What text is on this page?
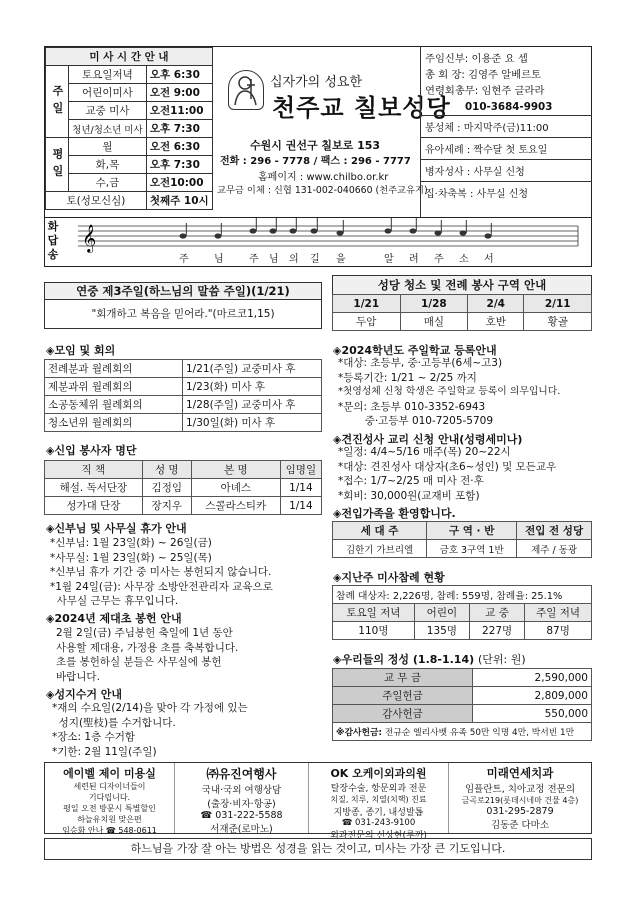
미 사 시 간 안 내		
주일	토요일저녁	오후 6:30
	어린이미사	오전 9:00
	교중 미사	오전11:00
	청년/청소년 미사	오후 7:30
평일	월	오전 6:30
	화,목	오후 7:30
	수,금	오전10:00
토(성모신심)		첫째주 10시
십자가의 성요한
천주교 칠보성당
수원시 권선구 칠보로 153
전화 : 296 - 7778 / 팩스 : 296 - 7777
홈페이지 : www.chilbo.or.kr
교무금 이체 : 신협 131-002-040660 (천주교유지)
주임신부: 이용준 요 셉
총 회 장: 김영주 알베르토
연령회총무: 임현주 글라라
010-3684-9903
봉성체 : 마지막주(금)11:00
유아세례 : 짝수달 첫 토요일
병자성사 : 사무실 신청
집·차축복 : 사무실 신청
화답송
𝄞
주	님	주 님 의 길 을	알 려 주 소 서
연중 제3주일(하느님의 말씀 주일)(1/21)
"회개하고 복음을 믿어라."(마르코1,15)
◈모임 및 회의
전례분과 월례회의	1/21(주일) 교중미사 후
제분과위 월례회의	1/23(화) 미사 후
소공동체위 월례회의	1/28(주일) 교중미사 후
청소년위 월례회의	1/30일(화) 미사 후
◈신입 봉사자 명단
직 책	성 명	본 명	임명일
해설. 독서단장	김정임	아녜스	1/14
성가대 단장	장지우	스콜라스티카	1/14
◈신부님 및 사무실 휴가 안내
*신부님: 1월 23일(화) ~ 26일(금)
*사무실: 1월 23일(화) ~ 25일(목)
*신부님 휴가 기간 중 미사는 봉헌되지 않습니다.
*1월 24일(금): 사무장 소방안전관리자 교육으로
사무실 근무는 휴무입니다.
◈2024년 제대초 봉헌 안내
2월 2일(금) 주님봉헌 축일에 1년 동안
사용할 제대용, 가정용 초를 축복합니다.
초를 봉헌하실 분들은 사무실에 봉헌
바랍니다.
◈성지수거 안내
*재의 수요일(2/14)을 맞아 각 가정에 있는
성지(聖枝)를 수거합니다.
*장소: 1층 수거함
*기한: 2월 11일(주일)
성당 청소 및 전례 봉사 구역 안내
1/21	1/28	2/4	2/11
두암	매실	호반	황골
◈2024학년도 주일학교 등록안내
*대상: 초등부, 중·고등부(6세~고3)
*등록기간: 1/21 ~ 2/25 까지
*첫영성체 신청 학생은 주일학교 등록이 의무입니다.
*문의: 초등부 010-3352-6943
중·고등부 010-7205-5709
◈견진성사 교리 신청 안내(성령세미나)
*일정: 4/4~5/16 매주(목) 20~22시
*대상: 견진성사 대상자(초6~성인) 및 모든교우
*접수: 1/7~2/25 매 미사 전·후
*회비: 30,000원(교재비 포함)
◈전입가족을 환영합니다.
세 대 주	구 역 · 반	전입 전 성당
김한기 가브리엘	금호 3구역 1반	제주 / 동광
◈지난주 미사참례 현황
참례 대상자: 2,226명, 참례: 559명, 참례율: 25.1%			
토요일 저녁	어린이	교 중	주일 저녁
110명	135명	227명	87명
◈우리들의 정성 (1.8-1.14) (단위: 원)
교 무 금	2,590,000
주일헌금	2,809,000
감사헌금	550,000
※감사헌금: 전규순 엘리사벳 유족 50만 익명 4만, 박서빈 1만	
에이벨 제이 미용실
세련된 디자이너들이
기다립니다.
평일 오전 방문시 특별할인
하늘유치원 맞은편
임승화 안나 ☎ 548-0611
㈜유진여행사
국내·국외 여행상담
(출장·비자·항공)
☎ 031-222-5588
서재준(로마노)
OK 오케이외과의원
탈장수술, 항문외과 전문
치질, 치루, 치열(치핵) 진료
지방종, 종기, 내성발톱
☎ 031-243-9100
외과전문의 신상현(루까)
미래연세치과
임플란트, 치아교정 전문의
금곡로219(롯데시네마 건물 4층)
031-295-2879
김동준 다마소
하느님을 가장 잘 아는 방법은 성경을 읽는 것이고, 미사는 가장 큰 기도입니다.
